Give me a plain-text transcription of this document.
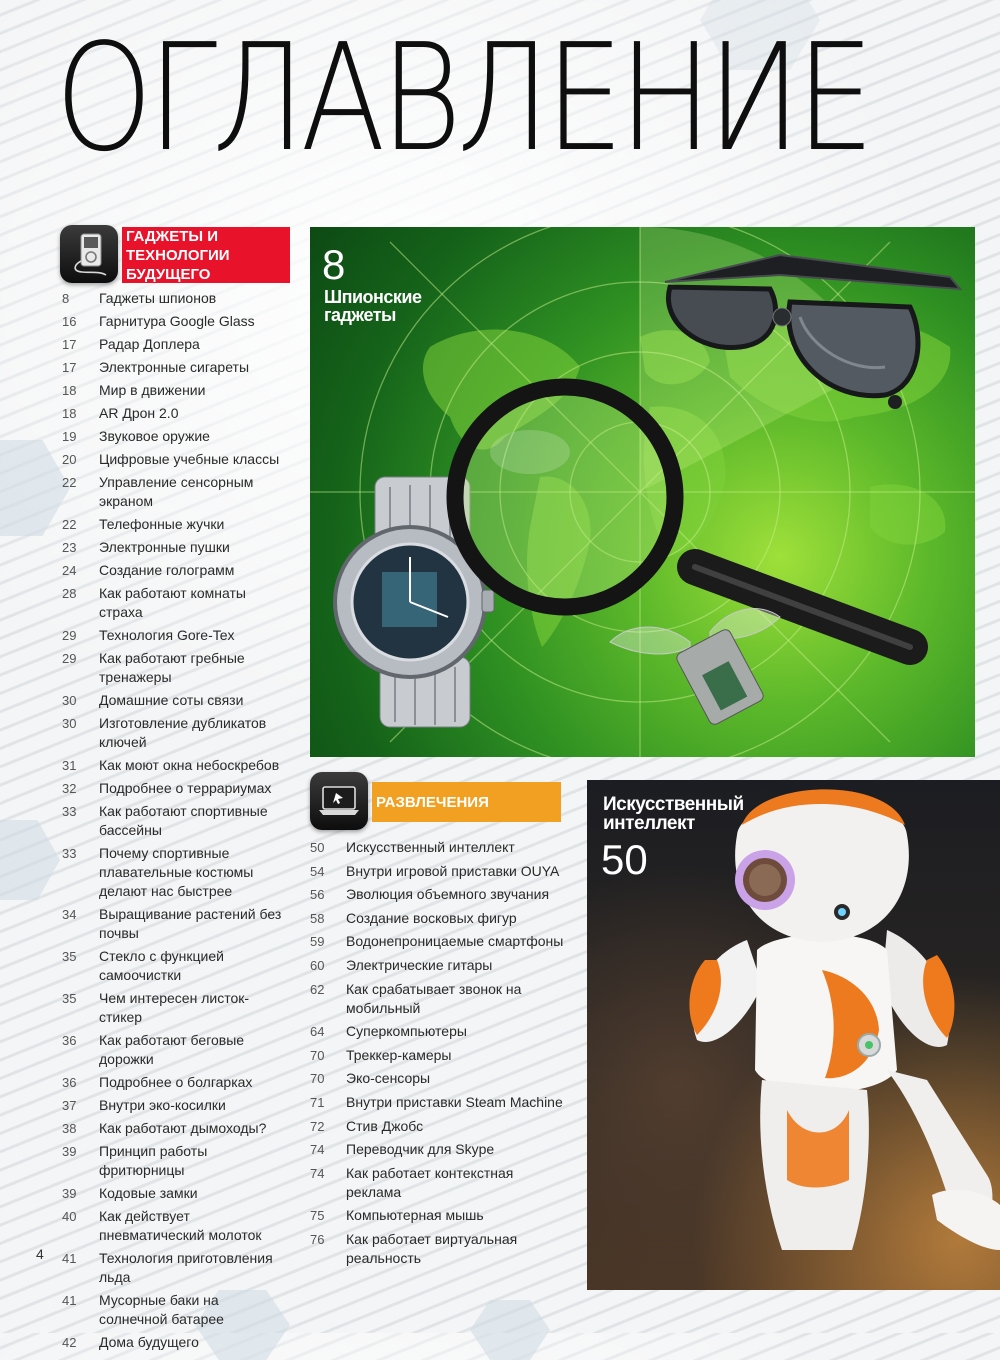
ОГЛАВЛЕНИЕ
ГАДЖЕТЫ И ТЕХНОЛОГИИ БУДУЩЕГО
8	Гаджеты шпионов
16	Гарнитура Google Glass
17	Радар Доплера
17	Электронные сигареты
18	Мир в движении
18	AR Дрон 2.0
19	Звуковое оружие
20	Цифровые учебные классы
22	Управление сенсорным экраном
22	Телефонные жучки
23	Электронные пушки
24	Создание голограмм
28	Как работают комнаты страха
29	Технология Gore-Tex
29	Как работают гребные тренажеры
30	Домашние соты связи
30	Изготовление дубликатов ключей
31	Как моют окна небоскребов
32	Подробнее о террариумах
33	Как работают спортивные бассейны
33	Почему спортивные плавательные костюмы делают нас быстрее
34	Выращивание растений без почвы
35	Стекло с функцией самоочистки
35	Чем интересен листок-стикер
36	Как работают беговые дорожки
36	Подробнее о болгарках
37	Внутри эко-косилки
38	Как работают дымоходы?
39	Принцип работы фритюрницы
39	Кодовые замки
40	Как действует пневматический молоток
41	Технология приготовления льда
41	Мусорные баки на солнечной батарее
42	Дома будущего
4
8
Шпионские гаджеты
РАЗВЛЕЧЕНИЯ
50	Искусственный интеллект
54	Внутри игровой приставки OUYA
56	Эволюция объемного звучания
58	Создание восковых фигур
59	Водонепроницаемые смартфоны
60	Электрические гитары
62	Как срабатывает звонок на мобильный
64	Суперкомпьютеры
70	Треккер-камеры
70	Эко-сенсоры
71	Внутри приставки Steam Machine
72	Стив Джобс
74	Переводчик для Skype
74	Как работает контекстная реклама
75	Компьютерная мышь
76	Как работает виртуальная реальность
Искусственный интеллект
50
